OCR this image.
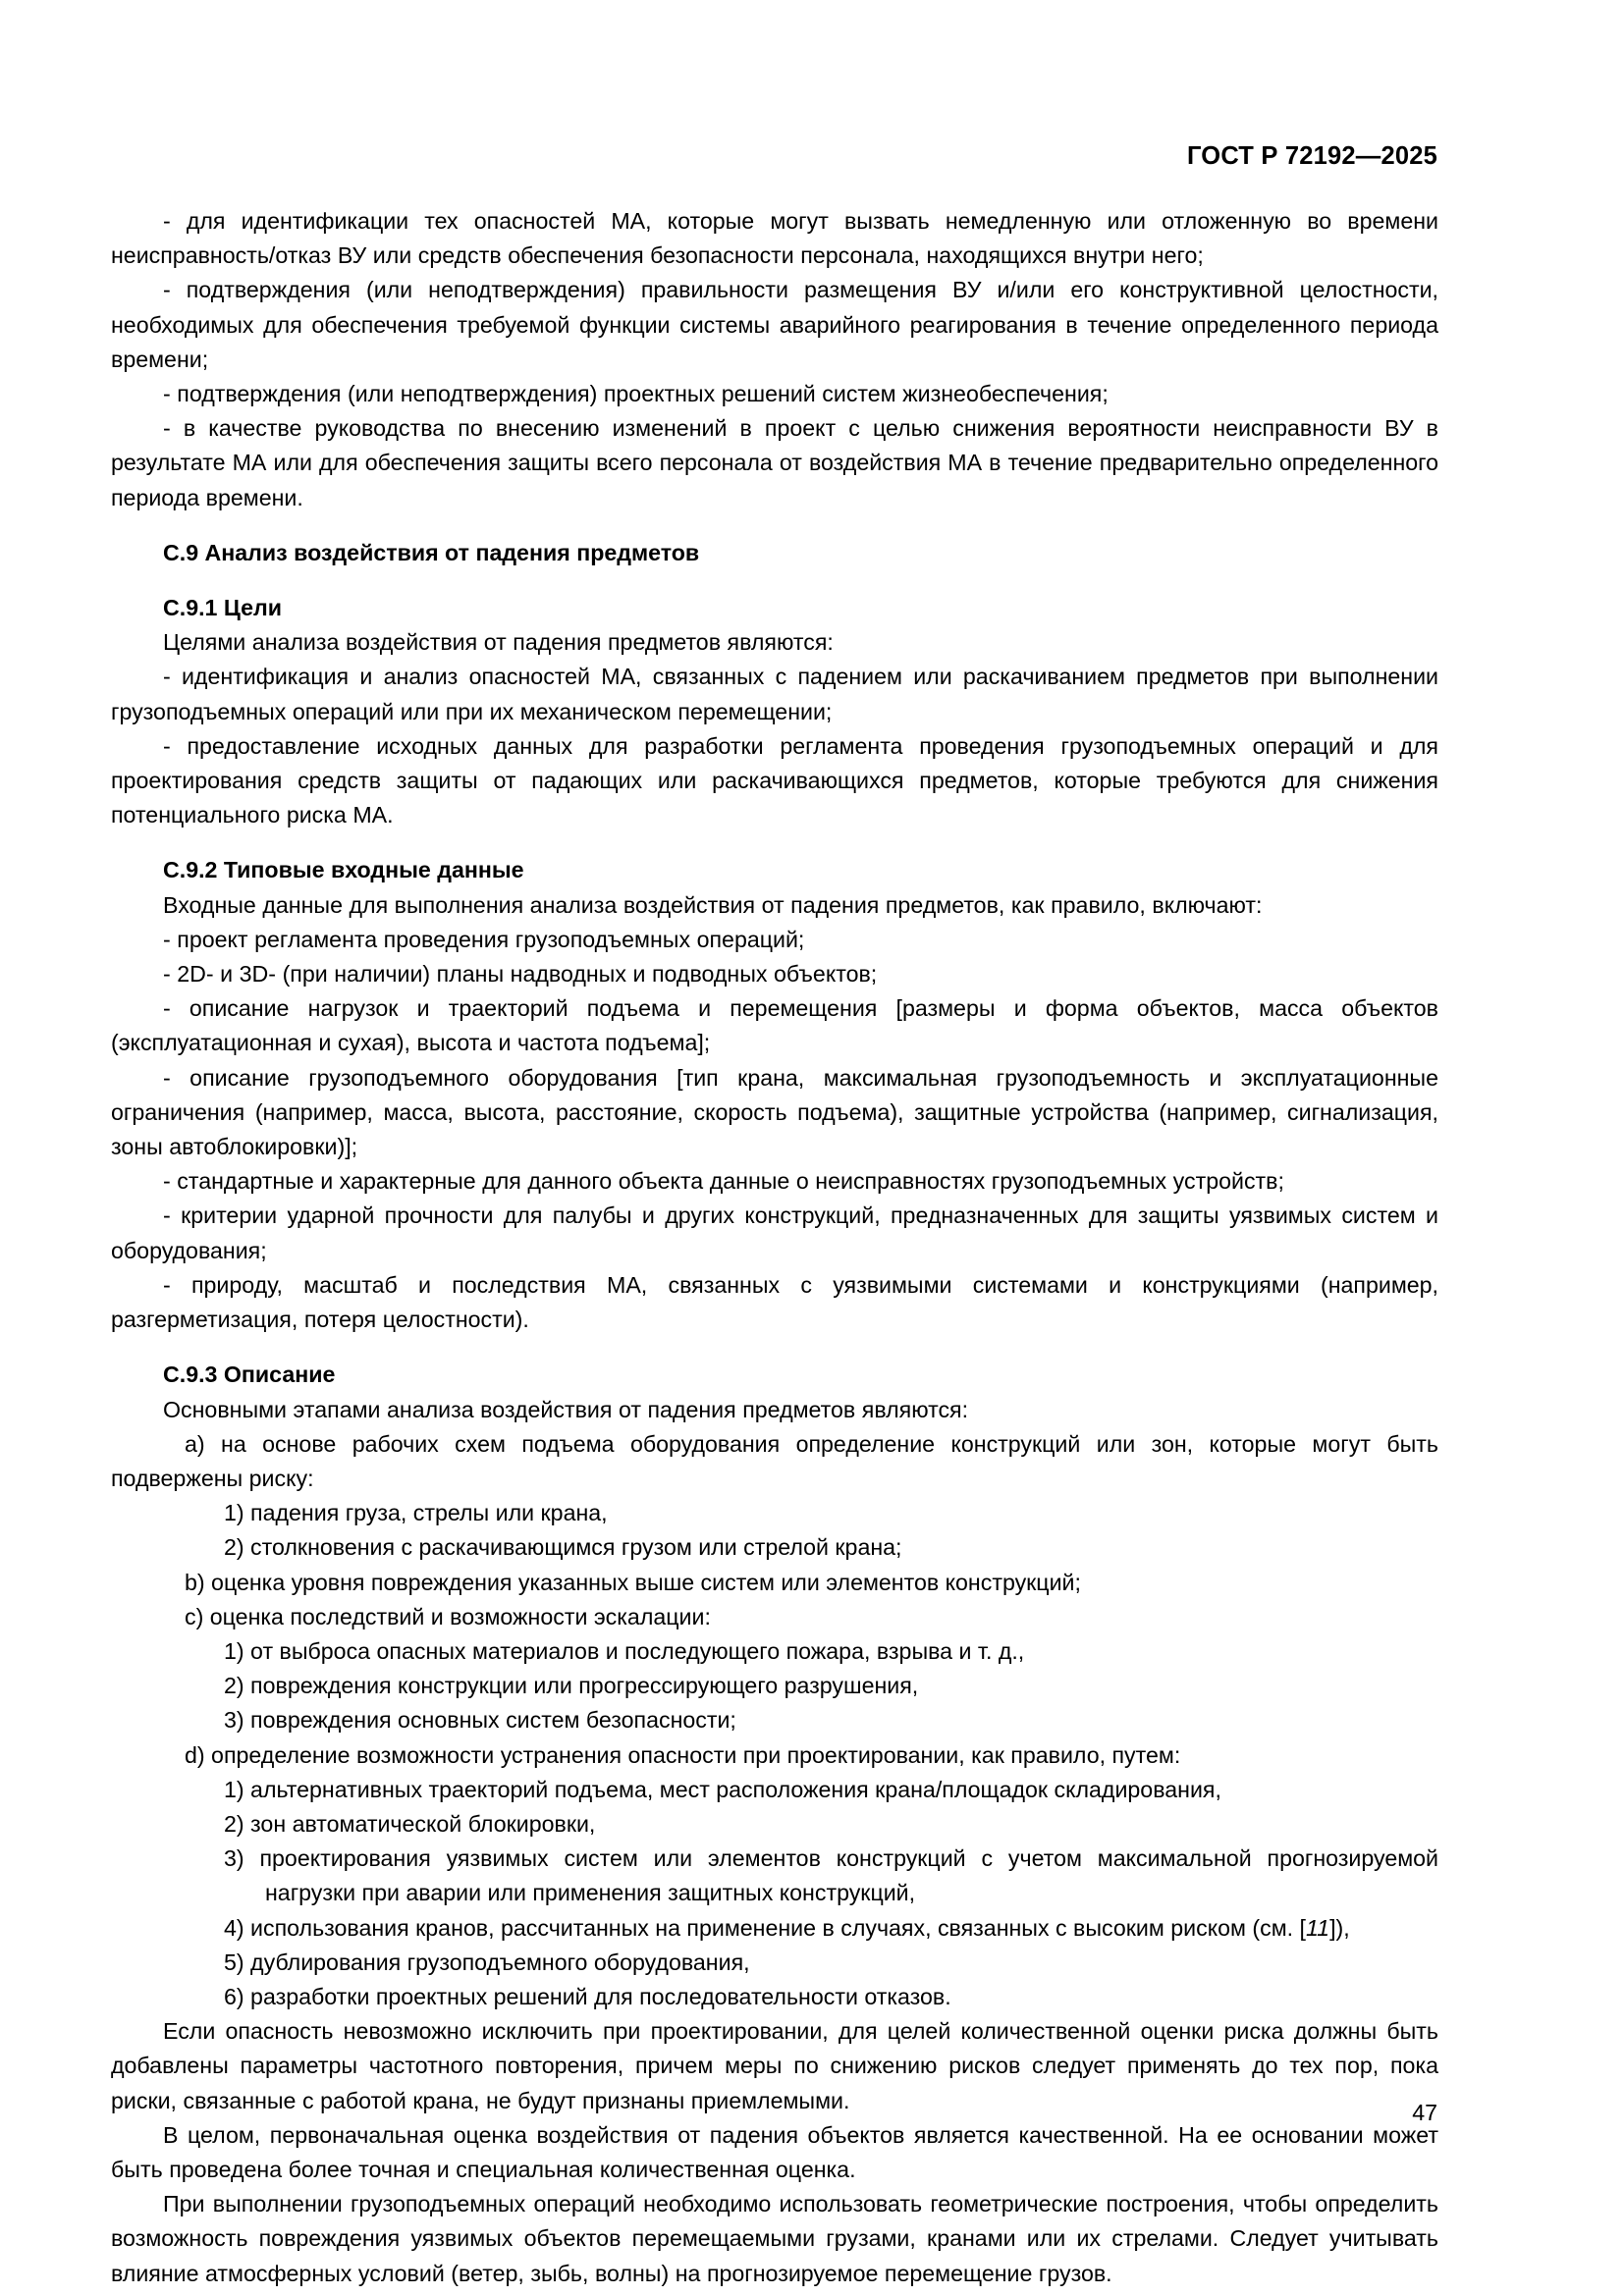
ГОСТ Р 72192—2025

- для идентификации тех опасностей МА, которые могут вызвать немедленную или отложенную во времени неисправность/отказ ВУ или средств обеспечения безопасности персонала, находящихся внутри него;

- подтверждения (или неподтверждения) правильности размещения ВУ и/или его конструктивной целостности, необходимых для обеспечения требуемой функции системы аварийного реагирования в течение определенного периода времени;

- подтверждения (или неподтверждения) проектных решений систем жизнеобеспечения;

- в качестве руководства по внесению изменений в проект с целью снижения вероятности неисправности ВУ в результате МА или для обеспечения защиты всего персонала от воздействия МА в течение предварительно определенного периода времени.

С.9 Анализ воздействия от падения предметов

С.9.1 Цели

Целями анализа воздействия от падения предметов являются:

- идентификация и анализ опасностей МА, связанных с падением или раскачиванием предметов при выполнении грузоподъемных операций или при их механическом перемещении;

- предоставление исходных данных для разработки регламента проведения грузоподъемных операций и для проектирования средств защиты от падающих или раскачивающихся предметов, которые требуются для снижения потенциального риска МА.

С.9.2 Типовые входные данные

Входные данные для выполнения анализа воздействия от падения предметов, как правило, включают:

- проект регламента проведения грузоподъемных операций;

- 2D- и 3D- (при наличии) планы надводных и подводных объектов;

- описание нагрузок и траекторий подъема и перемещения [размеры и форма объектов, масса объектов (эксплуатационная и сухая), высота и частота подъема];

- описание грузоподъемного оборудования [тип крана, максимальная грузоподъемность и эксплуатационные ограничения (например, масса, высота, расстояние, скорость подъема), защитные устройства (например, сигнализация, зоны автоблокировки)];

- стандартные и характерные для данного объекта данные о неисправностях грузоподъемных устройств;

- критерии ударной прочности для палубы и других конструкций, предназначенных для защиты уязвимых систем и оборудования;

- природу, масштаб и последствия МА, связанных с уязвимыми системами и конструкциями (например, разгерметизация, потеря целостности).

С.9.3 Описание

Основными этапами анализа воздействия от падения предметов являются:

a) на основе рабочих схем подъема оборудования определение конструкций или зон, которые могут быть подвержены риску:

1) падения груза, стрелы или крана,

2) столкновения с раскачивающимся грузом или стрелой крана;

b) оценка уровня повреждения указанных выше систем или элементов конструкций;

c) оценка последствий и возможности эскалации:

1) от выброса опасных материалов и последующего пожара, взрыва и т. д.,

2) повреждения конструкции или прогрессирующего разрушения,

3) повреждения основных систем безопасности;

d) определение возможности устранения опасности при проектировании, как правило, путем:

1) альтернативных траекторий подъема, мест расположения крана/площадок складирования,

2) зон автоматической блокировки,

3) проектирования уязвимых систем или элементов конструкций с учетом максимальной прогнозируемой нагрузки при аварии или применения защитных конструкций,

4) использования кранов, рассчитанных на применение в случаях, связанных с высоким риском (см. [11]),

5) дублирования грузоподъемного оборудования,

6) разработки проектных решений для последовательности отказов.

Если опасность невозможно исключить при проектировании, для целей количественной оценки риска должны быть добавлены параметры частотного повторения, причем меры по снижению рисков следует применять до тех пор, пока риски, связанные с работой крана, не будут признаны приемлемыми.

В целом, первоначальная оценка воздействия от падения объектов является качественной. На ее основании может быть проведена более точная и специальная количественная оценка.

При выполнении грузоподъемных операций необходимо использовать геометрические построения, чтобы определить возможность повреждения уязвимых объектов перемещаемыми грузами, кранами или их стрелами. Следует учитывать влияние атмосферных условий (ветер, зыбь, волны) на прогнозируемое перемещение грузов.

47
